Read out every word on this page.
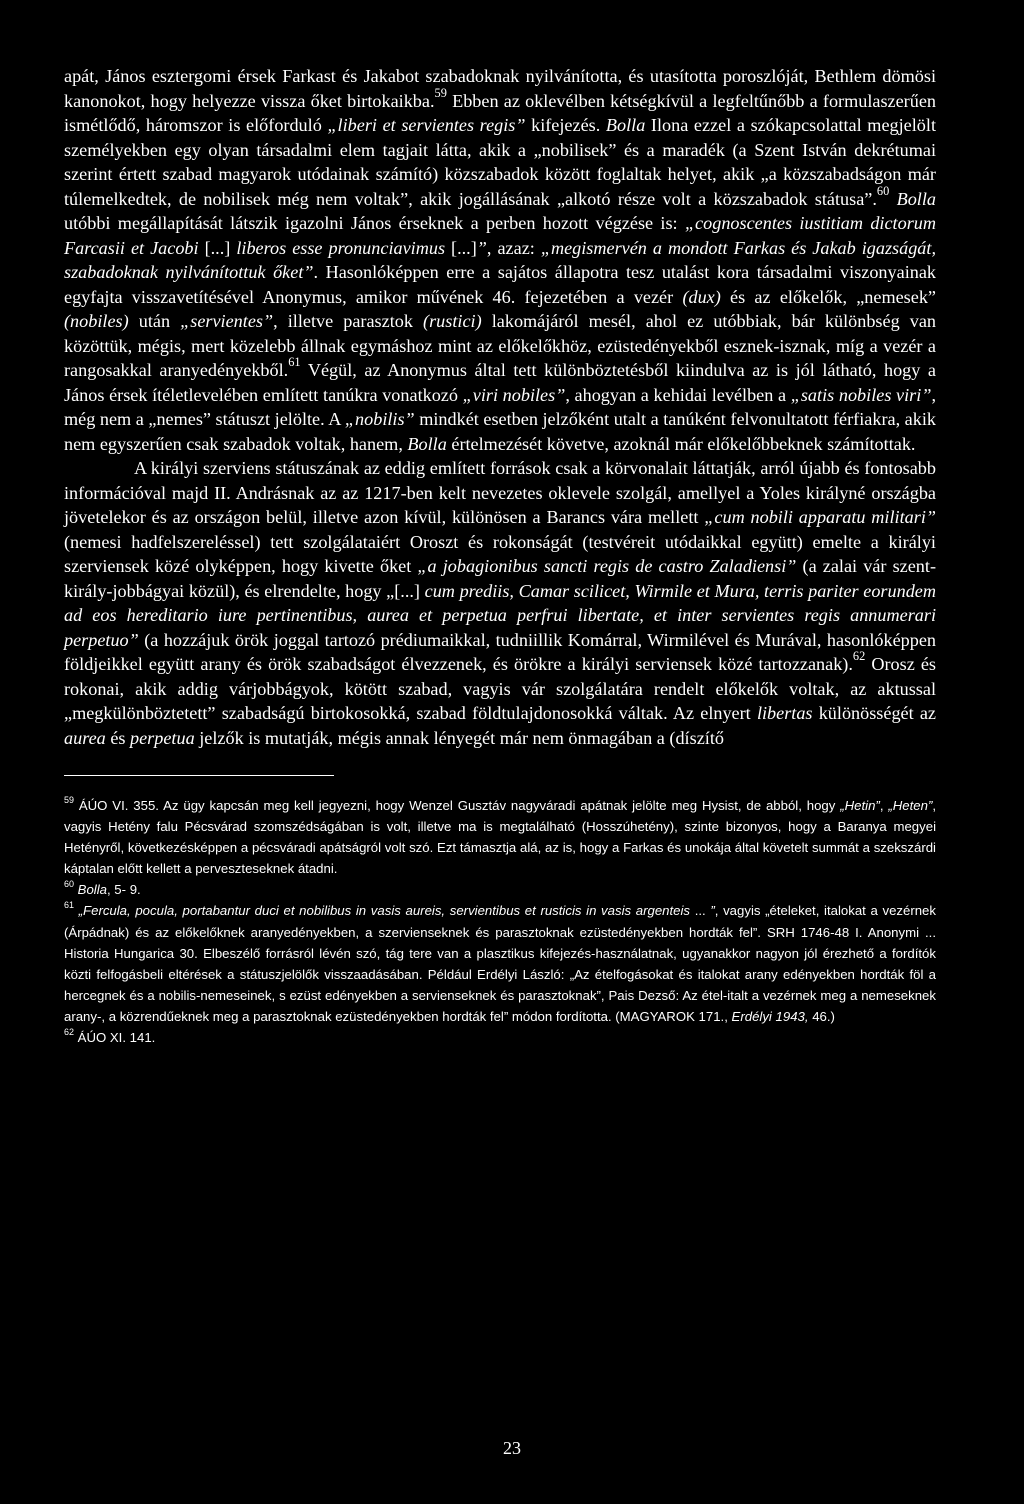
apát, János esztergomi érsek Farkast és Jakabot szabadoknak nyilvánította, és utasította poroszlóját, Bethlem dömösi kanonokot, hogy helyezze vissza őket birtokaikba.$^{59}$ Ebben az oklevélben kétségkívül a legfeltűnőbb a formulaszerűen ismétlődő, háromszor is előforduló „liberi et servientes regis” kifejezés. Bolla Ilona ezzel a szókapcsolattal megjelölt személyekben egy olyan társadalmi elem tagjait látta, akik a „nobilisek” és a maradék (a Szent István dekrétumai szerint értett szabad magyarok utódainak számító) közszabadok között foglaltak helyet, akik „a közszabadságon már túlemelkedtek, de nobilisek még nem voltak”, akik jogállásának „alkotó része volt a közszabadok státusa”.$^{60}$ Bolla utóbbi megállapítását látszik igazolni János érseknek a perben hozott végzése is: „cognoscentes iustitiam dictorum Farcasii et Jacobi [...] liberos esse pronunciavimus [...]”, azaz: „megismervén a mondott Farkas és Jakab igazságát, szabadoknak nyilvánítottuk őket”. Hasonlóképpen erre a sajátos állapotra tesz utalást kora társadalmi viszonyainak egyfajta visszavetítésével Anonymus, amikor művének 46. fejezetében a vezér (dux) és az előkelők, „nemesek” (nobiles) után „servientes”, illetve parasztok (rustici) lakomájáról mesél, ahol ez utóbbiak, bár különbség van közöttük, mégis, mert közelebb állnak egymáshoz mint az előkelőkhöz, ezüstedényekből esznek-isznak, míg a vezér a rangosakkal aranyedényekből.$^{61}$ Végül, az Anonymus által tett különböztetésből kiindulva az is jól látható, hogy a János érsek ítéletlevelében említett tanúkra vonatkozó „viri nobiles”, ahogyan a kehidai levélben a „satis nobiles viri”, még nem a „nemes” státuszt jelölte. A „nobilis” mindkét esetben jelzőként utalt a tanúként felvonultatott férfiakra, akik nem egyszerűen csak szabadok voltak, hanem, Bolla értelmezését követve, azoknál már előkelőbbeknek számítottak.

A királyi szerviens státuszának az eddig említett források csak a körvonalait láttatják, arról újabb és fontosabb információval majd II. Andrásnak az az 1217-ben kelt nevezetes oklevele szolgál, amellyel a Yoles királyné országba jövetelekor és az országon belül, illetve azon kívül, különösen a Barancs vára mellett „cum nobili apparatu militari” (nemesi hadfelszereléssel) tett szolgálataiért Oroszt és rokonságát (testvéreit utódaikkal együtt) emelte a királyi szerviensek közé olyképpen, hogy kivette őket „a jobagionibus sancti regis de castro Zaladiensi” (a zalai vár szent-király-jobbágyai közül), és elrendelte, hogy „[...] cum prediis, Camar scilicet, Wirmile et Mura, terris pariter eorundem ad eos hereditario iure pertinentibus, aurea et perpetua perfrui libertate, et inter servientes regis annumerari perpetuo” (a hozzájuk örök joggal tartozó prédiumaikkal, tudniillik Komárral, Wirmilével és Murával, hasonlóképpen földjeikkel együtt arany és örök szabadságot élvezzenek, és örökre a királyi serviensek közé tartozzanak).$^{62}$ Orosz és rokonai, akik addig várjobbágyok, kötött szabad, vagyis vár szolgálatára rendelt előkelők voltak, az aktussal „megkülönböztetett” szabadságú birtokosokká, szabad földtulajdonosokká váltak. Az elnyert libertas különösségét az aurea és perpetua jelzők is mutatják, mégis annak lényegét már nem önmagában a (díszítő

$^{59}$ ÁÚO VI. 355. Az ügy kapcsán meg kell jegyezni, hogy Wenzel Gusztáv nagyváradi apátnak jelölte meg Hysist, de abból, hogy „Hetin”, „Heten”, vagyis Hetény falu Pécsvárad szomszédságában is volt, illetve ma is megtalálható (Hosszúhetény), szinte bizonyos, hogy a Baranya megyei Hetényről, következésképpen a pécsváradi apátságról volt szó. Ezt támasztja alá, az is, hogy a Farkas és unokája által követelt summát a szekszárdi káptalan előtt kellett a perveszteseknek átadni.

$^{60}$ Bolla, 5- 9.

$^{61}$ „Fercula, pocula, portabantur duci et nobilibus in vasis aureis, servientibus et rusticis in vasis argenteis ... ”, vagyis „ételeket, italokat a vezérnek (Árpádnak) és az előkelőknek aranyedényekben, a szervienseknek és parasztoknak ezüstedényekben hordták fel”. SRH 1746-48 I. Anonymi ... Historia Hungarica 30. Elbeszélő forrásról lévén szó, tág tere van a plasztikus kifejezés-használatnak, ugyanakkor nagyon jól érezhető a fordítók közti felfogásbeli eltérések a státuszjelölők visszaadásában. Például Erdélyi László: „Az ételfogásokat és italokat arany edényekben hordták föl a hercegnek és a nobilis-nemeseinek, s ezüst edényekben a servienseknek és parasztoknak”, Pais Dezső: Az étel-italt a vezérnek meg a nemeseknek arany-, a közrendűeknek meg a parasztoknak ezüstedényekben hordták fel” módon fordította. (MAGYAROK 171., Erdélyi 1943, 46.)

$^{62}$ ÁÚO XI. 141.

23
